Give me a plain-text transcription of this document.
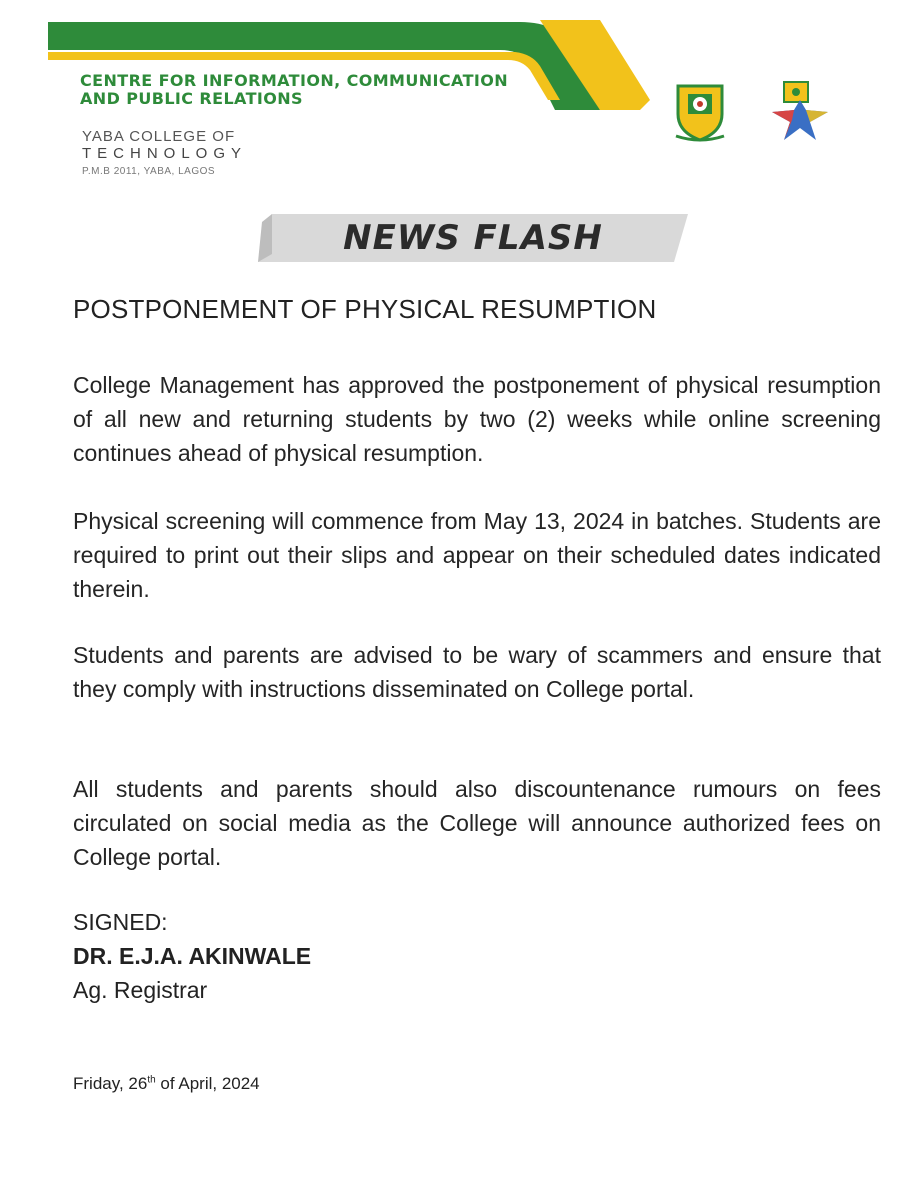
CENTRE FOR INFORMATION, COMMUNICATION AND PUBLIC RELATIONS
YABA COLLEGE OF
TECHNOLOGY
P.M.B 2011, YABA, LAGOS
NEWS FLASH
POSTPONEMENT OF PHYSICAL RESUMPTION
College Management has approved the postponement of physical resumption of all new and returning students by two (2) weeks while online screening continues ahead of physical resumption.
Physical screening will commence from May 13, 2024 in batches. Students are required to print out their slips and appear on their scheduled dates indicated therein.
Students and parents are advised to be wary of scammers and ensure that they comply with instructions disseminated on College portal.
All students and parents should also discountenance rumours on fees circulated on social media as the College will announce authorized fees on College portal.
SIGNED:
DR. E.J.A. AKINWALE
Ag. Registrar
Friday, 26th of April, 2024
